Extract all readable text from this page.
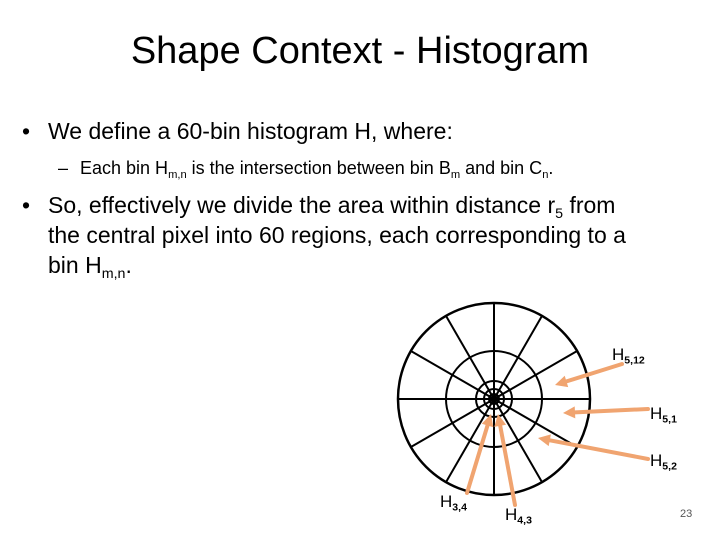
Shape Context - Histogram
• We define a 60-bin histogram H, where:
– Each bin $H_{m,n}$ is the intersection between bin $B_m$ and bin $C_n$.
• So, effectively we divide the area within distance $r_5$ from
the central pixel into 60 regions, each corresponding to a
bin $H_{m,n}$.
$H_{5,12}$
$H_{5,1}$
$H_{5,2}$
$H_{3,4}$ $H_{4,3}$
23
